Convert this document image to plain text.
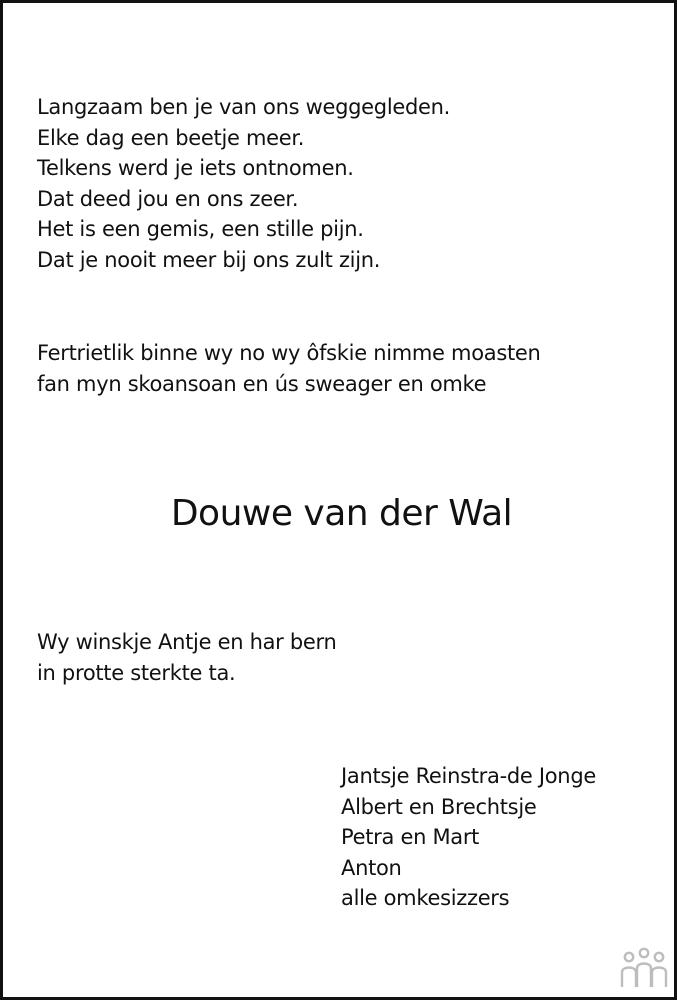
Langzaam ben je van ons weggegleden.
Elke dag een beetje meer.
Telkens werd je iets ontnomen.
Dat deed jou en ons zeer.
Het is een gemis, een stille pijn.
Dat je nooit meer bij ons zult zijn.
Fertrietlik binne wy no wy ôfskie nimme moasten
fan myn skoansoan en ús sweager en omke
Douwe van der Wal
Wy winskje Antje en har bern
in protte sterkte ta.
Jantsje Reinstra-de Jonge
Albert en Brechtsje
Petra en Mart
Anton
alle omkesizzers
